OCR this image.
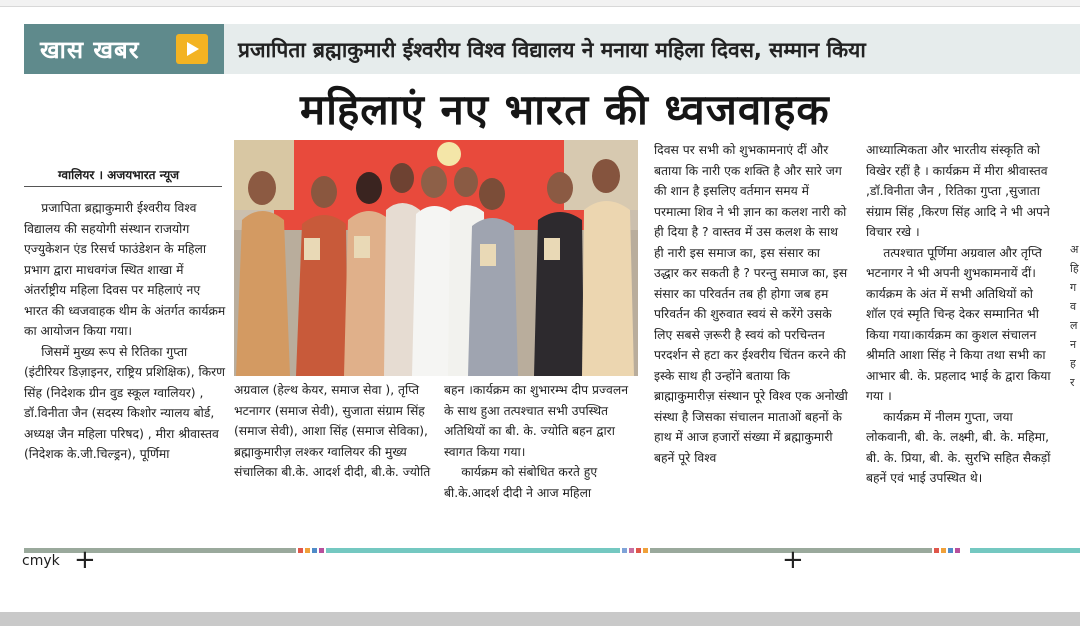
खास खबर	प्रजापिता ब्रह्माकुमारी ईश्वरीय विश्व विद्यालय ने मनाया महिला दिवस, सम्मान किया
महिलाएं नए भारत की ध्वजवाहक
ग्वालियर । अजयभारत न्यूज

प्रजापिता ब्रह्माकुमारी ईश्वरीय विश्व विद्यालय की सहयोगी संस्थान राजयोग एज्युकेशन एंड रिसर्च फाउंडेशन के महिला प्रभाग द्वारा माधवगंज स्थित शाखा में अंतर्राष्ट्रीय महिला दिवस पर महिलाएं नए भारत की ध्वजवाहक थीम के अंतर्गत कार्यक्रम का आयोजन किया गया।

जिसमें मुख्य रूप से रितिका गुप्ता (इंटीरियर डिज़ाइनर, राष्ट्रिय प्रशिक्षिक), किरण सिंह (निदेशक ग्रीन वुड स्कूल ग्वालियर) , डॉ.विनीता जैन (सदस्य किशोर न्यालय बोर्ड, अध्यक्ष जैन महिला परिषद) , मीरा श्रीवास्तव (निदेशक के.जी.चिल्ड्रन), पूर्णिमा

अग्रवाल (हेल्थ केयर, समाज सेवा ), तृप्ति भटनागर (समाज सेवी), सुजाता संग्राम सिंह (समाज सेवी), आशा सिंह (समाज सेविका), ब्रह्माकुमारीज़ लश्कर ग्वालियर की मुख्य संचालिका बी.के. आदर्श दीदी, बी.के. ज्योति

बहन ।कार्यक्रम का शुभारम्भ दीप प्रज्वलन के साथ हुआ तत्पश्चात सभी उपस्थित अतिथियों का बी. के. ज्योति बहन द्वारा स्वागत किया गया।

कार्यक्रम को संबोधित करते हुए बी.के.आदर्श दीदी ने आज महिला

दिवस पर सभी को शुभकामनाएं दीं और बताया कि नारी एक शक्ति है और सारे जग की शान है इसलिए वर्तमान समय में परमात्मा शिव ने भी ज्ञान का कलश नारी को ही दिया है ? वास्तव में उस कलश के साथ ही नारी इस समाज का, इस संसार का उद्धार कर सकती है ? परन्तु समाज का, इस संसार का परिवर्तन तब ही होगा जब हम परिवर्तन की शुरुवात स्वयं से करेंगे उसके लिए सबसे ज़रूरी है स्वयं को परचिन्तन परदर्शन से हटा कर ईश्वरीय चिंतन करने की इस्के साथ ही उन्होंने बताया कि ब्राह्माकुमारीज़ संस्थान पूरे विश्व एक अनोखी संस्था है जिसका संचालन माताओं बहनों के हाथ में आज हजारों संख्या में ब्रह्माकुमारी बहनें पूरे विश्व

आध्यात्मिकता और भारतीय संस्कृति को विखेर रहीं है । कार्यक्रम में मीरा श्रीवास्तव ,डॉ.विनीता जैन , रितिका गुप्ता ,सुजाता संग्राम सिंह ,किरण सिंह आदि ने भी अपने विचार रखे ।

तत्पश्चात पूर्णिमा अग्रवाल और तृप्ति भटनागर ने भी अपनी शुभकामनायें दीं। कार्यक्रम के अंत में सभी अतिथियों को शॉल एवं स्मृति चिन्ह देकर सम्मानित भी किया गया।कार्यक्रम का कुशल संचालन श्रीमति आशा सिंह ने किया तथा सभी का आभार बी. के. प्रहलाद भाई के द्वारा किया गया ।

कार्यक्रम में नीलम गुप्ता, जया लोकवानी, बी. के. लक्ष्मी, बी. के. महिमा, बी. के. प्रिया, बी. के. सुरभि सहित सैकड़ों बहनें एवं भाई उपस्थित थे।

अ
हि
ग
व
ल
न
ह
र
cmyk +	+
